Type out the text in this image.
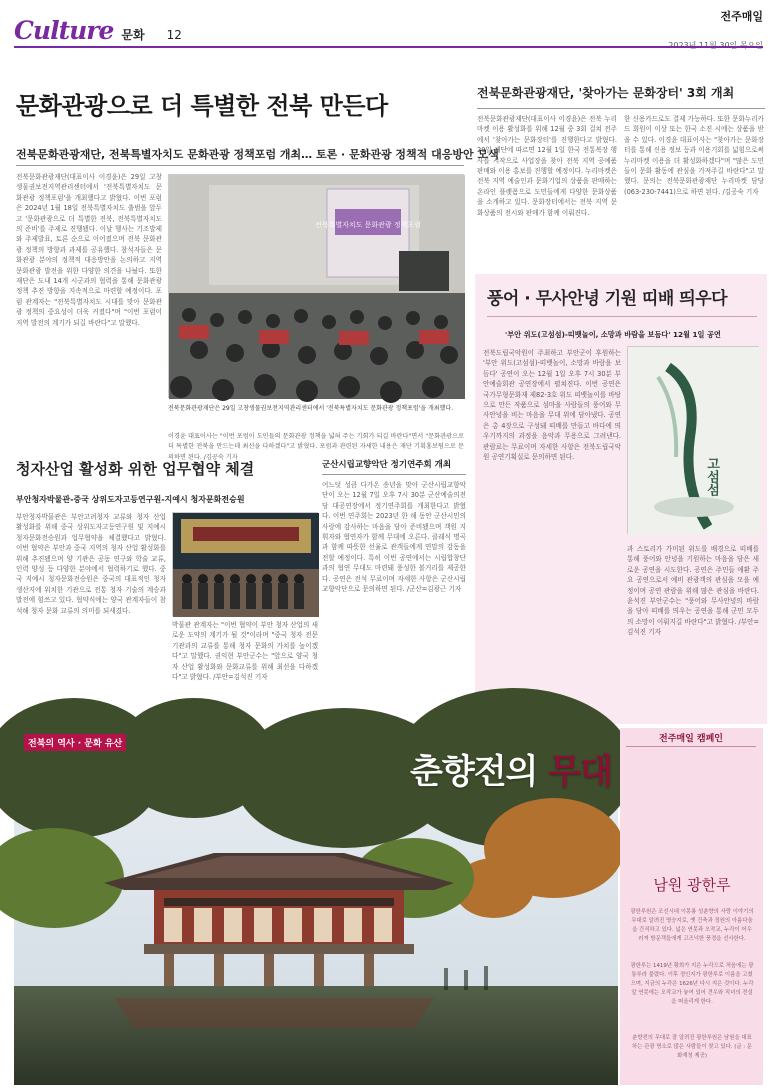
Culture 문화 12
전주매일
문화관광으로 더 특별한 전북 만든다
전북문화관광재단, 전북특별자치도 문화관광 정책포럼 개최… 토론 · 문화관광 정책적 대응방안 모색

전북문화관광재단(대표이사 이경윤)은 29일 고창생물권보전지역관리센터에서 '전북특별자치도 문화관광 정책포럼'을 개최했다고 밝혔다. 이번 포럼은 2024년 1월 18일 전북특별자치도 출범을 앞두고 '문화관광으로 더 특별한 전북, 전북특별자치도의 준비'를 주제로 진행됐다. 이날 행사는 기조발제와 주제발표, 토론 순으로 이어졌으며 전북 문화관광 정책의 방향과 과제를 공유했다. 참석자들은 문화관광 분야의 정책적 대응방안을 논의하고 지역 문화관광 발전을 위한 다양한 의견을 나눴다. 또한 재단은 도내 14개 시군과의 협력을 통해 문화관광 정책 추진 방향을 지속적으로 마련할 예정이다. 포럼 관계자는 "전북특별자치도 시대를 맞아 문화관광 정책의 중요성이 더욱 커졌다"며 "이번 포럼이 지역 발전의 계기가 되길 바란다"고 말했다.

전북특별자치도 문화관광 정책포럼
전북문화관광재단은 29일 고창생물권보전지역관리센터에서 '전북특별자치도 문화관광 정책포럼'을 개최했다.

이경윤 대표이사는 "이번 포럼이 도민들의 문화관광 정책을 넓혀 주는 기회가 되길 바란다"면서 "문화관광으로 더 특별한 전북을 만드는데 최선을 다하겠다"고 밝혔다. 포럼과 관련된 자세한 내용은 재단 기획홍보팀으로 문의하면 된다. /김공숙 기자

전북문화관광재단, '찾아가는 문화장터' 3회 개최

전북문화관광재단(대표이사 이경윤)은 전북 누리마켓 이용 활성화를 위해 12월 중 3회 걸쳐 전주에서 '찾아가는 문화장터'를 진행한다고 밝혔다. 29일 재단에 따르면 12월 1일 한국 전통복장 행사를 시작으로 사업장을 찾아 전북 지역 공예품 판매와 이용 홍보를 진행할 예정이다. 누리마켓은 전북 지역 예술인과 문화기업의 상품을 판매하는 온라인 플랫폼으로 도민들에게 다양한 문화상품을 소개하고 있다. 문화장터에서는 전북 지역 문화상품의 전시와 판매가 함께 이뤄진다.

한 신용카드로도 결제 가능하다. 또한 문화누리카드 회원이 이상 또는 한국 소진 시에는 상품을 받을 수 있다. 이경윤 대표이사는 "찾아가는 문화장터를 통해 신용 정보 등과 이용기회를 넓힘으로써 누리마켓 이용을 더 활성화하겠다"며 "많은 도민들이 문화 활동에 관심을 가져주길 바란다"고 말했다. 문의는 전북문화관광재단 누리마켓 담당(063-230-7441)으로 하면 된다. /김공숙 기자

풍어 · 무사안녕 기원 띠배 띄우다
'부안 위도(고섬섬)-띠뱃놀이, 소망과 바람을 보듬다' 12월 1일 공연

전북도립국악원이 주최하고 부안군이 후원하는 '부안 위도(고섬섬)-띠뱃놀이, 소망과 바람을 보듬다' 공연이 오는 12월 1일 오후 7시 30분 부안예술회관 공연장에서 펼쳐진다. 이번 공연은 국가무형문화재 제82-3호 위도 띠뱃놀이를 바탕으로 만든 작품으로 섬마을 사람들의 풍어와 무사안녕을 비는 마음을 무대 위에 담아냈다. 공연은 총 4장으로 구성돼 띠배를 만들고 바다에 띄우기까지의 과정을 음악과 무용으로 그려낸다. 관람료는 무료이며 자세한 사항은 전북도립국악원 공연기획실로 문의하면 된다.	고섬섬

과 스토리가 가미된 위도를 배경으로 띠배를 통해 풍어와 안녕을 기원하는 마음을 담은 새로운 공연을 시도한다. 공연은 주민들 애환 주요 공연으로서 예비 관광객의 관심을 모을 예정이며 공연 관람을 위해 많은 관심을 바란다. 윤석진 부안군수는 "풍어와 무사안녕의 바람을 담아 띠배를 띄우는 공연을 통해 군민 모두의 소망이 이뤄지길 바란다"고 밝혔다. /부안=김석진 기자

청자산업 활성화 위한 업무협약 체결
부안청자박물관-중국 상위도자고등연구원-지예시 청자문화전승원

부안청자박물관은 부안고려청자 교류와 청자 산업 활성화를 위해 중국 상위도자고등연구원 및 지예시 청자문화전승원과 업무협약을 체결했다고 밝혔다. 이번 협약은 부안과 중국 지역의 청자 산업 활성화를 위해 추진됐으며 양 기관은 공동 연구와 학술 교류, 인력 양성 등 다양한 분야에서 협력하기로 했다. 중국 지예시 청자문화전승원은 중국의 대표적인 청자 생산지에 위치한 기관으로 전통 청자 기술의 계승과 발전에 힘쓰고 있다. 협약식에는 양국 관계자들이 참석해 청자 문화 교류의 의미를 되새겼다.

박물관 관계자는 "이번 협약이 부안 청자 산업의 새로운 도약의 계기가 될 것"이라며 "중국 청자 전문기관과의 교류를 통해 청자 문화의 가치를 높이겠다"고 말했다. 권익현 부안군수는 "앞으로 양국 청자 산업 활성화와 문화교류를 위해 최선을 다하겠다"고 밝혔다. /부안=김석진 기자

군산시립교향악단 정기연주회 개최

어느덧 성큼 다가온 송년을 맞아 군산시립교향악단이 오는 12월 7일 오후 7시 30분 군산예술의전당 대공연장에서 정기연주회를 개최한다고 밝혔다. 이번 연주회는 2023년 한 해 동안 군산시민의 사랑에 감사하는 마음을 담아 준비됐으며 객원 지휘자와 협연자가 함께 무대에 오른다. 클래식 명곡과 함께 따뜻한 선율로 관객들에게 연말의 감동을 전할 예정이다. 특히 이번 공연에서는 시립합창단과의 협연 무대도 마련돼 풍성한 볼거리를 제공한다. 공연은 전석 무료이며 자세한 사항은 군산시립교향악단으로 문의하면 된다. /군산=김광근 기자

전북의 역사 · 문화 유산
춘향전의 무대
전주매일 캠페인
남원 광한루

광한루원은 조선시대 이몽룡 성춘향의 사랑 이야기의 무대로 알려진 명승지로, 옛 건축과 정원의 아름다움을 간직하고 있다. 넓은 연못과 오작교, 누각이 어우러져 방문객들에게 고즈넉한 풍경을 선사한다.

광한루는 1419년 황희가 지은 누각으로 처음에는 광통루라 불렸다. 이후 정인지가 광한루로 이름을 고쳤으며, 지금의 누각은 1626년 다시 지은 것이다. 누각 앞 연못에는 오작교가 놓여 있어 견우와 직녀의 전설을 떠올리게 한다.

춘향전의 무대로 잘 알려진 광한루원은 남원을 대표하는 관광 명소로 많은 사람들이 찾고 있다. (글 : 문화재청 제공)
